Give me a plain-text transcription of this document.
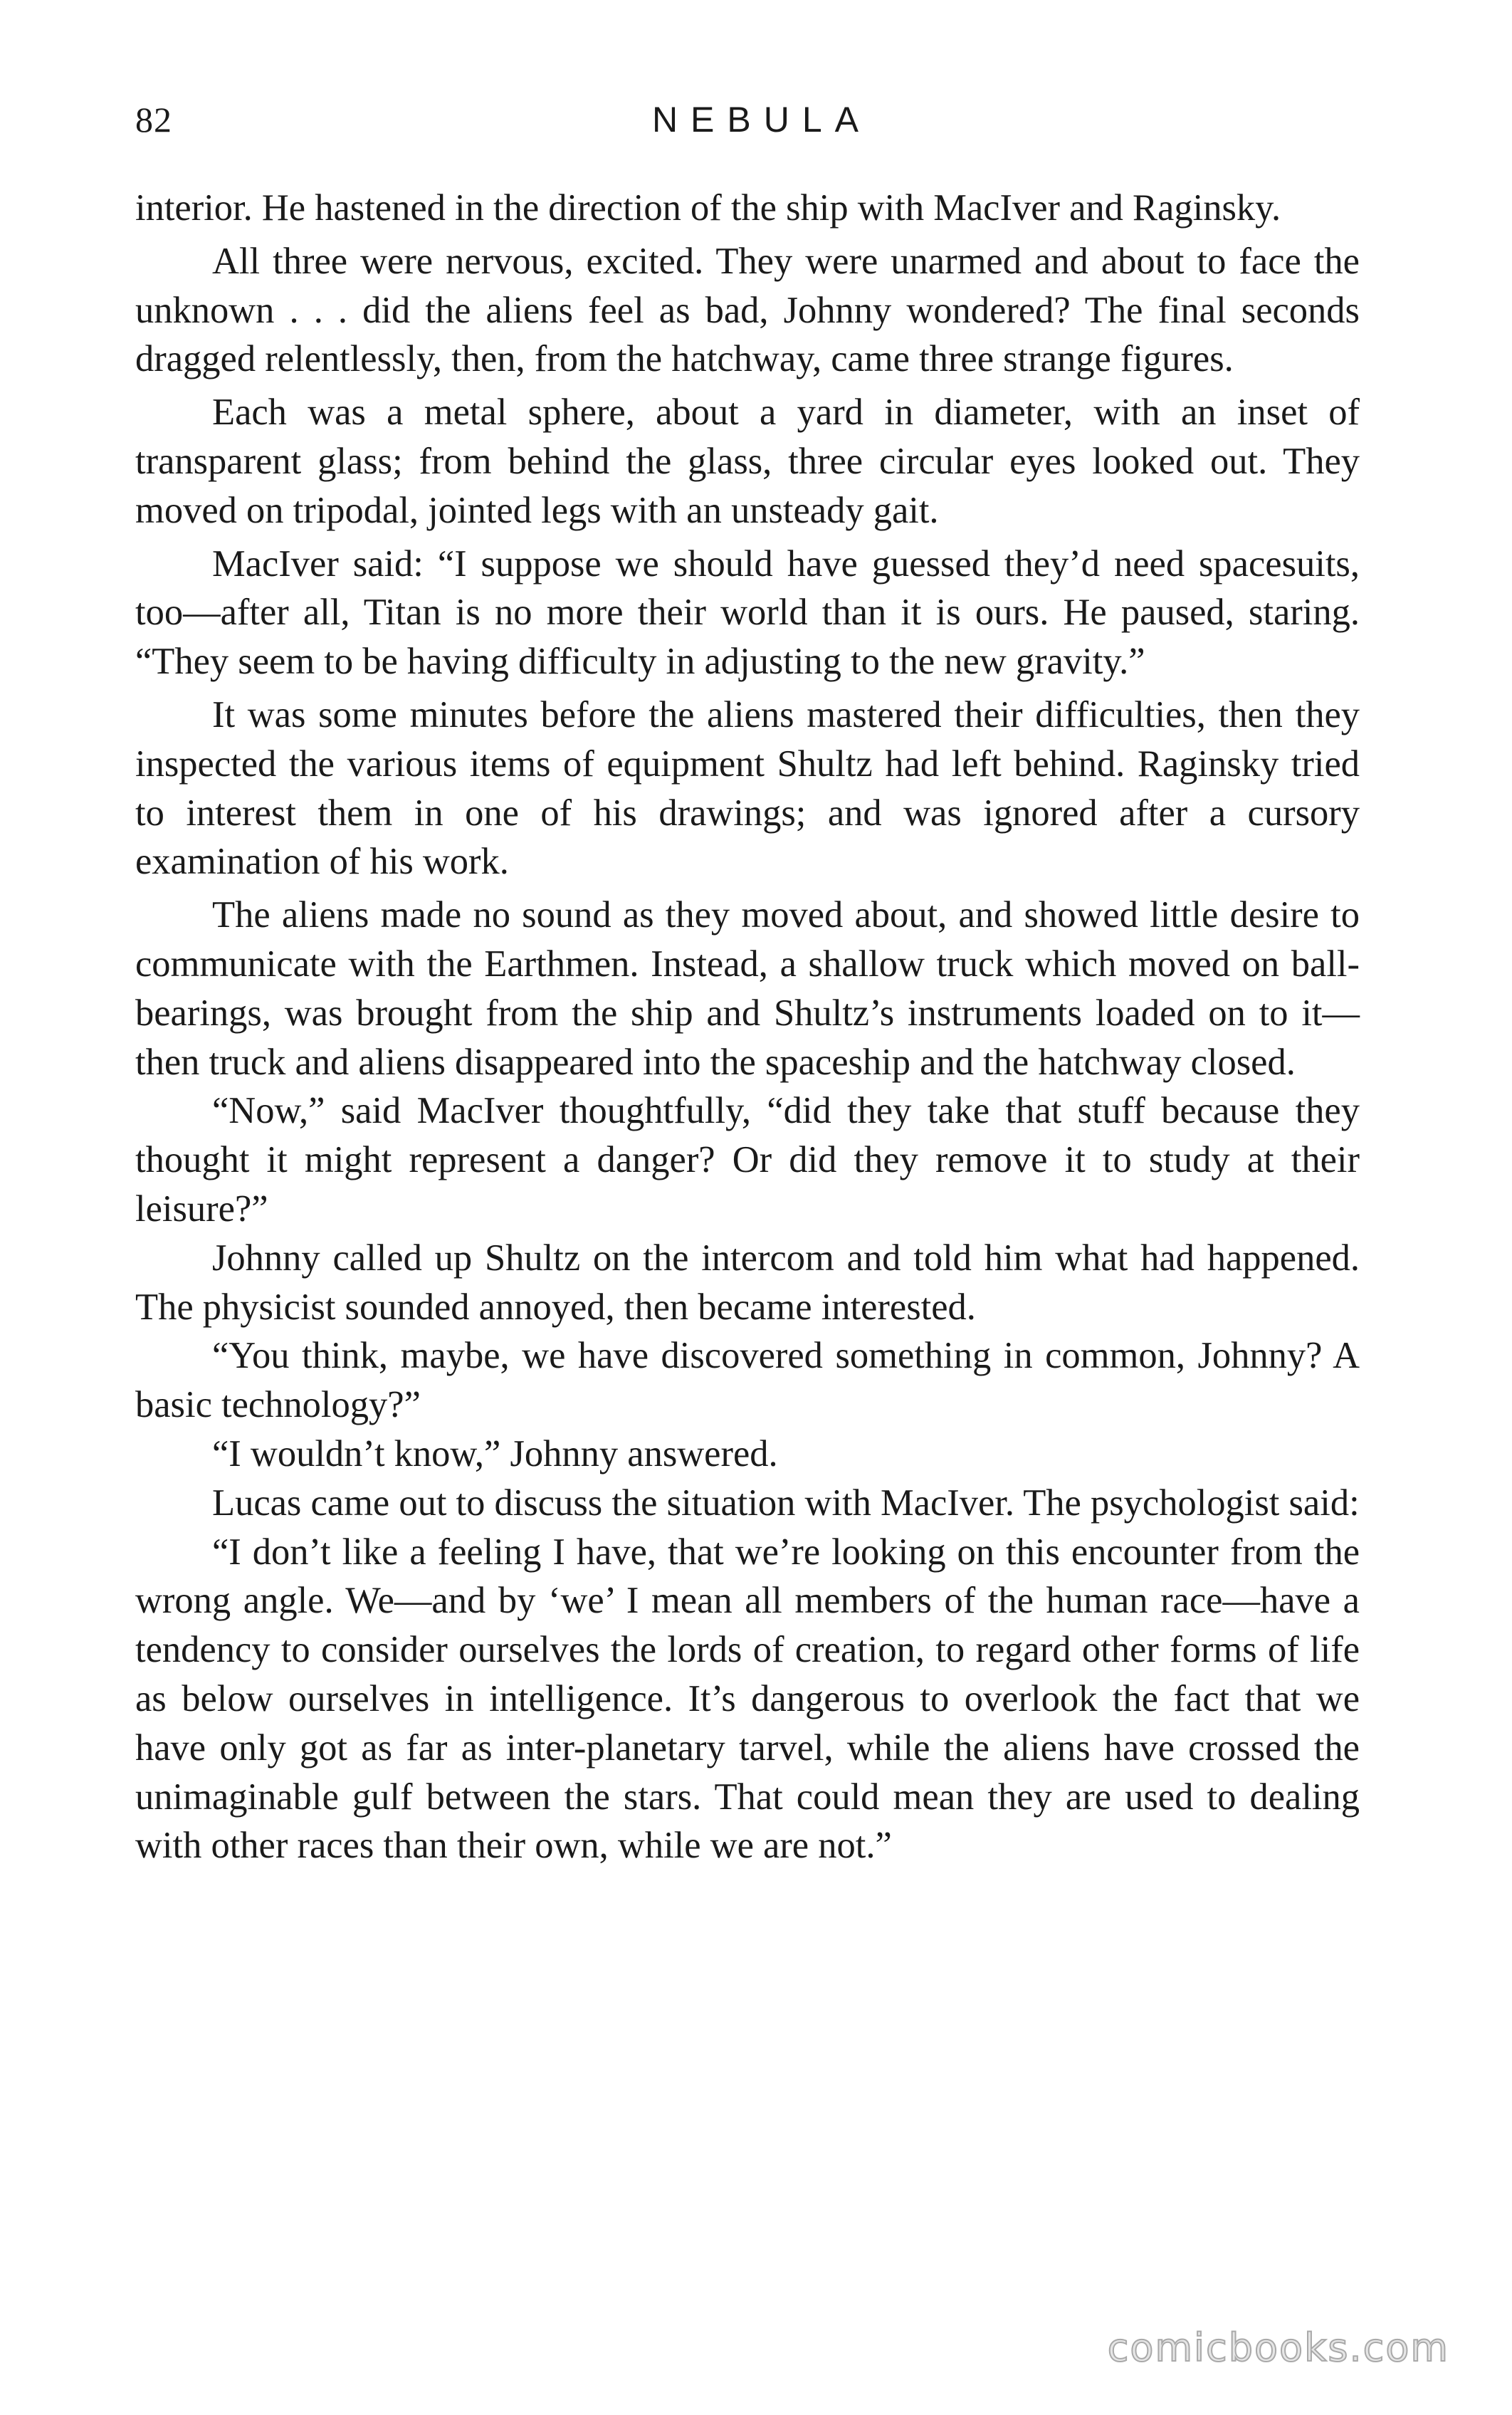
82	NEBULA

interior. He hastened in the direction of the ship with MacIver and Raginsky.

All three were nervous, excited. They were unarmed and about to face the unknown . . . did the aliens feel as bad, Johnny wondered? The final seconds dragged relentlessly, then, from the hatchway, came three strange figures.

Each was a metal sphere, about a yard in diameter, with an inset of transparent glass; from behind the glass, three circular eyes looked out. They moved on tripodal, jointed legs with an unsteady gait.

MacIver said: “I suppose we should have guessed they’d need spacesuits, too—after all, Titan is no more their world than it is ours. He paused, staring. “They seem to be having difficulty in adjusting to the new gravity.”

It was some minutes before the aliens mastered their difficulties, then they inspected the various items of equipment Shultz had left behind. Raginsky tried to interest them in one of his drawings; and was ignored after a cursory examination of his work.

The aliens made no sound as they moved about, and showed little desire to communicate with the Earthmen. Instead, a shallow truck which moved on ball-bearings, was brought from the ship and Shultz’s instruments loaded on to it—then truck and aliens disappeared into the spaceship and the hatchway closed.

“Now,” said MacIver thoughtfully, “did they take that stuff because they thought it might represent a danger? Or did they remove it to study at their leisure?”

Johnny called up Shultz on the intercom and told him what had happened. The physicist sounded annoyed, then became interested.

“You think, maybe, we have discovered something in common, Johnny? A basic technology?”

“I wouldn’t know,” Johnny answered.

Lucas came out to discuss the situation with MacIver. The psychologist said:

“I don’t like a feeling I have, that we’re looking on this encounter from the wrong angle. We—and by ‘we’ I mean all members of the human race—have a tendency to consider ourselves the lords of creation, to regard other forms of life as below ourselves in intelligence. It’s dangerous to overlook the fact that we have only got as far as inter-planetary tarvel, while the aliens have crossed the unimaginable gulf between the stars. That could mean they are used to dealing with other races than their own, while we are not.”

comicbooks.com
